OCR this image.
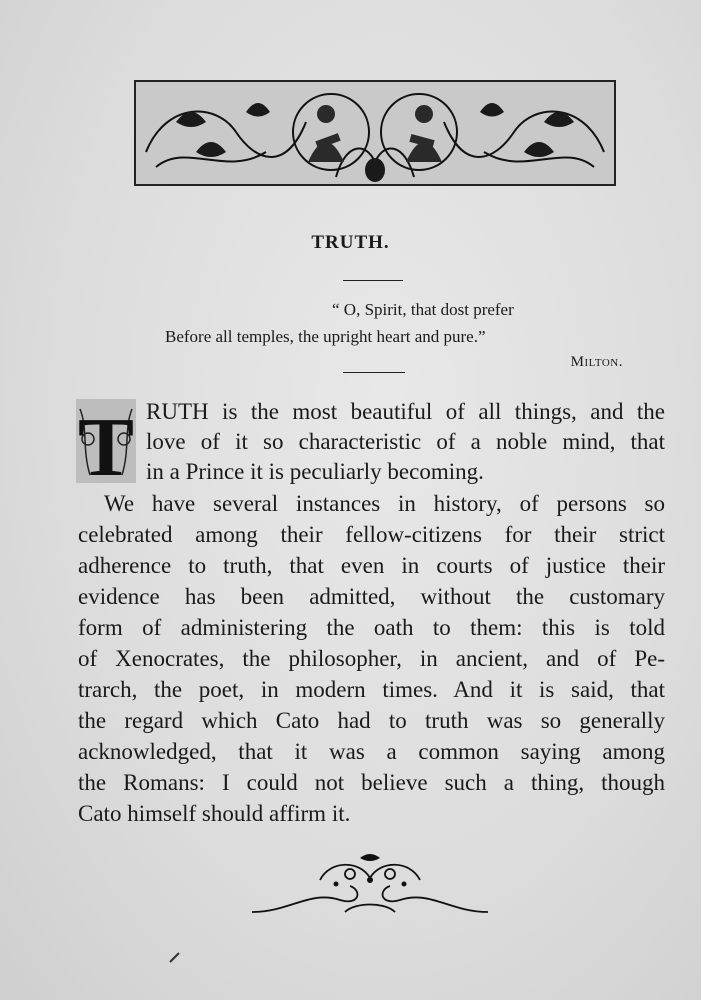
TRUTH.
“ O, Spirit, that dost prefer
Before all temples, the upright heart and pure.”
Milton.
T RUTH is the most beautiful of all things, and the
love of it so characteristic of a noble mind, that
in a Prince it is peculiarly becoming.
We have several instances in history, of persons so
celebrated among their fellow-citizens for their strict
adherence to truth, that even in courts of justice their
evidence has been admitted, without the customary
form of administering the oath to them: this is told
of Xenocrates, the philosopher, in ancient, and of Pe-
trarch, the poet, in modern times. And it is said, that
the regard which Cato had to truth was so generally
acknowledged, that it was a common saying among
the Romans: I could not believe such a thing, though
Cato himself should affirm it.
